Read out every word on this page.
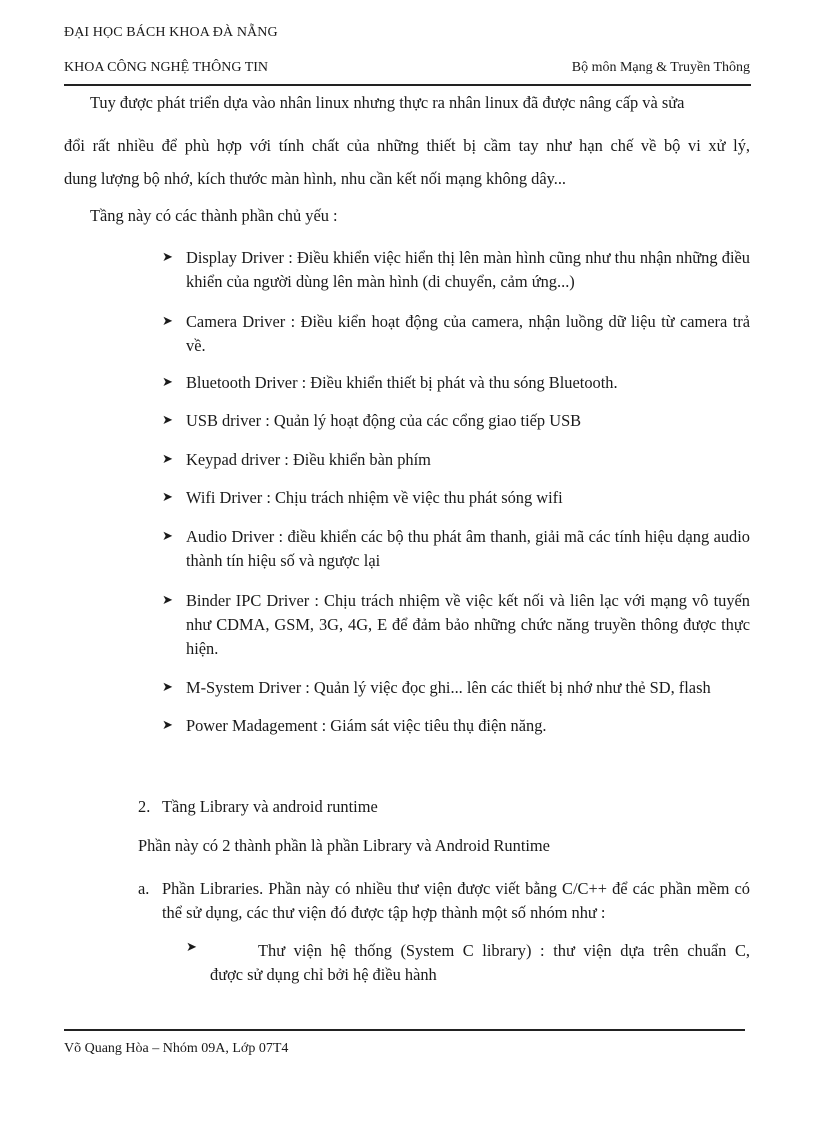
ĐẠI HỌC BÁCH KHOA ĐÀ NẴNG
KHOA CÔNG NGHỆ THÔNG TIN	Bộ môn Mạng & Truyền Thông
Tuy được phát triển dựa vào nhân linux nhưng thực ra nhân linux đã được nâng cấp và sửa
đổi rất nhiều để phù hợp với tính chất của những thiết bị cầm tay như hạn chế về bộ vi xử lý,
dung lượng bộ nhớ, kích thước màn hình, nhu cần kết nối mạng không dây...
Tầng này có các thành phần chủ yếu :
➤ Display Driver : Điều khiển việc hiển thị lên màn hình cũng như thu nhận những điều khiển của người dùng lên màn hình (di chuyển, cảm ứng...)
➤ Camera Driver : Điều kiển hoạt động của camera, nhận luồng dữ liệu từ camera trả về.
➤ Bluetooth Driver : Điều khiển thiết bị phát và thu sóng Bluetooth.
➤ USB driver : Quản lý hoạt động của các cổng giao tiếp USB
➤ Keypad driver : Điều khiển bàn phím
➤ Wifi Driver : Chịu trách nhiệm về việc thu phát sóng wifi
➤ Audio Driver : điều khiển các bộ thu phát âm thanh, giải mã các tính hiệu dạng audio thành tín hiệu số và ngược lại
➤ Binder IPC Driver : Chịu trách nhiệm về việc kết nối và liên lạc với mạng vô tuyến như CDMA, GSM, 3G, 4G, E để đảm bảo những chức năng truyền thông được thực hiện.
➤ M-System Driver : Quản lý việc đọc ghi... lên các thiết bị nhớ như thẻ SD, flash
➤ Power Madagement : Giám sát việc tiêu thụ điện năng.
2. Tầng Library và android runtime
Phần này có 2 thành phần là phần Library và Android Runtime
a. Phần Libraries. Phần này có nhiều thư viện được viết bằng C/C++ để các phần mềm có thể sử dụng, các thư viện đó được tập hợp thành một số nhóm như :
➤	Thư viện hệ thống (System C library) : thư viện dựa trên chuẩn C,
được sử dụng chỉ bởi hệ điều hành
Võ Quang Hòa – Nhóm 09A, Lớp 07T4
